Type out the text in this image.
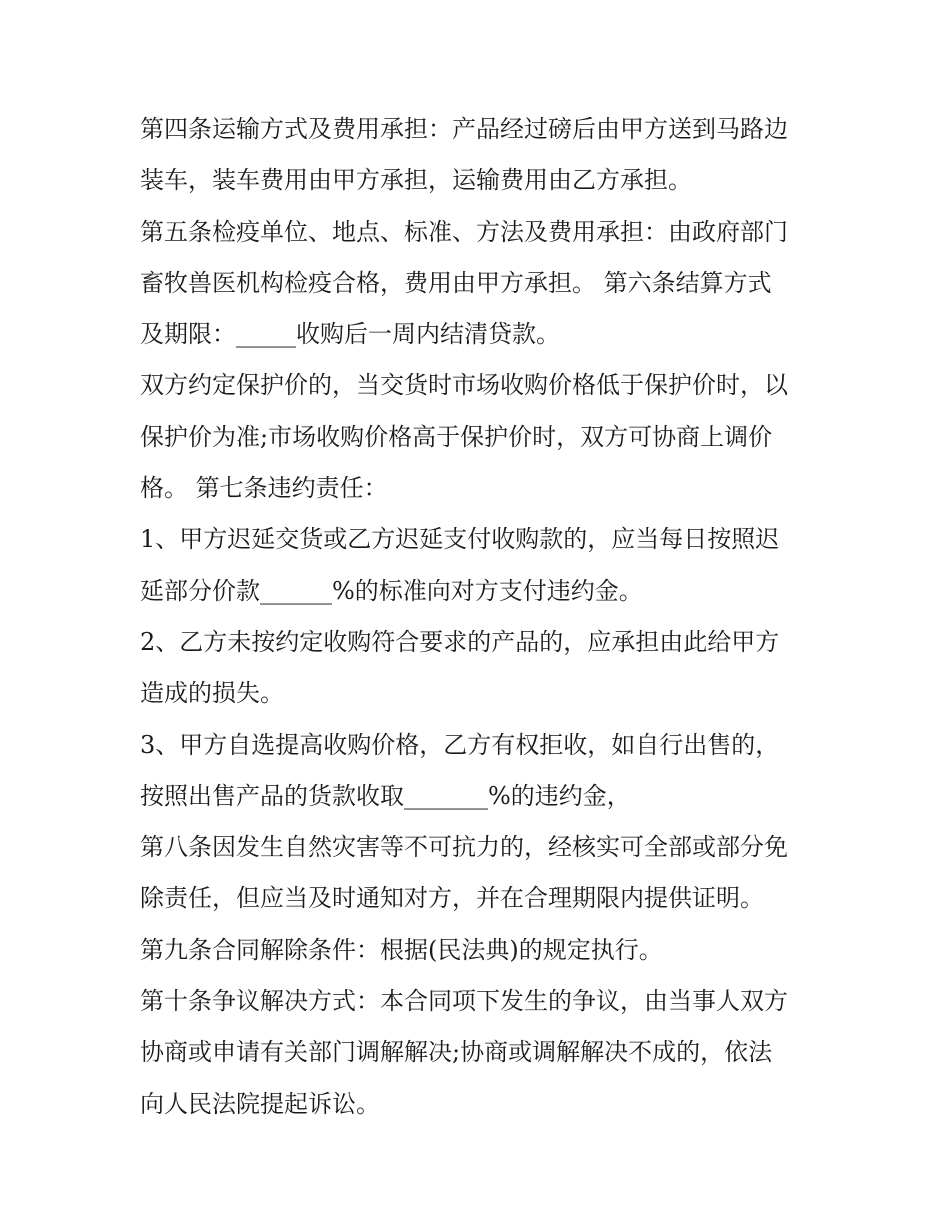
第四条运输方式及费用承担：产品经过磅后由甲方送到马路边
装车，装车费用由甲方承担，运输费用由乙方承担。
第五条检疫单位、地点、标准、方法及费用承担：由政府部门
畜牧兽医机构检疫合格，费用由甲方承担。 第六条结算方式
及期限：_____收购后一周内结清贷款。
双方约定保护价的，当交货时市场收购价格低于保护价时，以
保护价为准;市场收购价格高于保护价时，双方可协商上调价
格。 第七条违约责任：
1、甲方迟延交货或乙方迟延支付收购款的，应当每日按照迟
延部分价款______%的标准向对方支付违约金。
2、乙方未按约定收购符合要求的产品的，应承担由此给甲方
造成的损失。
3、甲方自选提高收购价格，乙方有权拒收，如自行出售的，
按照出售产品的货款收取_______%的违约金，
第八条因发生自然灾害等不可抗力的，经核实可全部或部分免
除责任，但应当及时通知对方，并在合理期限内提供证明。
第九条合同解除条件：根据(民法典)的规定执行。
第十条争议解决方式：本合同项下发生的争议，由当事人双方
协商或申请有关部门调解解决;协商或调解解决不成的，依法
向人民法院提起诉讼。
